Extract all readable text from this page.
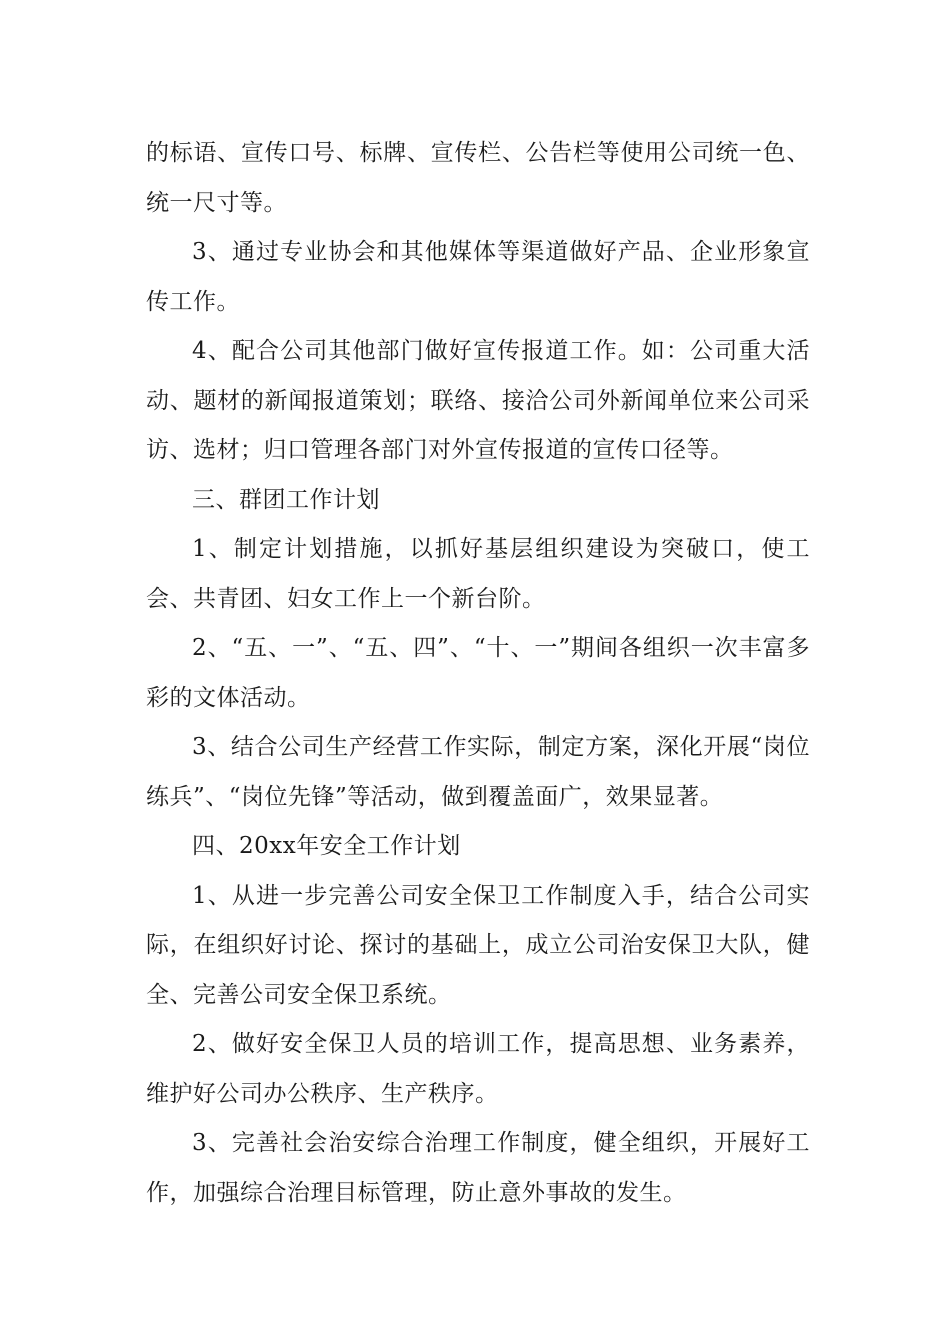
的标语、宣传口号、标牌、宣传栏、公告栏等使用公司统一色、统一尺寸等。

3、通过专业协会和其他媒体等渠道做好产品、企业形象宣传工作。

4、配合公司其他部门做好宣传报道工作。如：公司重大活动、题材的新闻报道策划；联络、接洽公司外新闻单位来公司采访、选材；归口管理各部门对外宣传报道的宣传口径等。

三、群团工作计划

1、制定计划措施，以抓好基层组织建设为突破口，使工会、共青团、妇女工作上一个新台阶。

2、“五、一”、“五、四”、“十、一”期间各组织一次丰富多彩的文体活动。

3、结合公司生产经营工作实际，制定方案，深化开展“岗位练兵”、“岗位先锋”等活动，做到覆盖面广，效果显著。

四、20xx年安全工作计划

1、从进一步完善公司安全保卫工作制度入手，结合公司实际，在组织好讨论、探讨的基础上，成立公司治安保卫大队，健全、完善公司安全保卫系统。

2、做好安全保卫人员的培训工作，提高思想、业务素养，维护好公司办公秩序、生产秩序。

3、完善社会治安综合治理工作制度，健全组织，开展好工作，加强综合治理目标管理，防止意外事故的发生。
